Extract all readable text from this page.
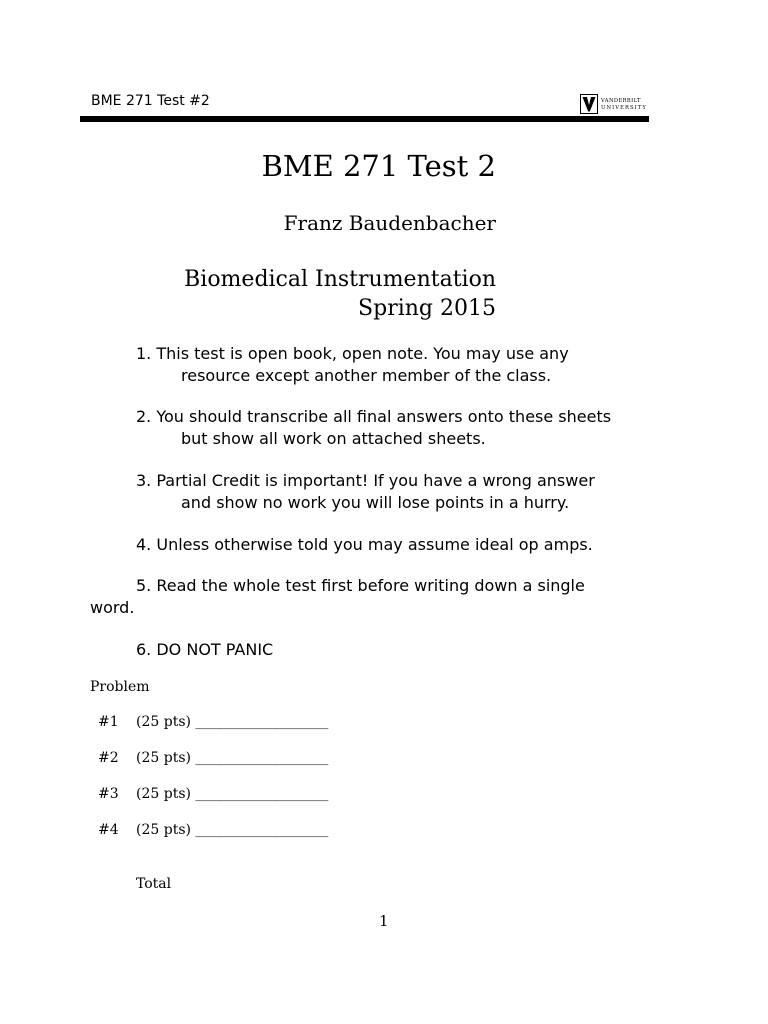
BME 271 Test #2	VANDERBILT
UNIVERSITY
BME 271 Test 2
Franz Baudenbacher
Biomedical Instrumentation
Spring 2015
1. This test is open book, open note. You may use any
resource except another member of the class.
2. You should transcribe all final answers onto these sheets
but show all work on attached sheets.
3. Partial Credit is important! If you have a wrong answer
and show no work you will lose points in a hurry.
4. Unless otherwise told you may assume ideal op amps.
5. Read the whole test first before writing down a single
word.
6. DO NOT PANIC
Problem
#1 (25 pts) ___________________
#2 (25 pts) ___________________
#3 (25 pts) ___________________
#4 (25 pts) ___________________
Total
1
